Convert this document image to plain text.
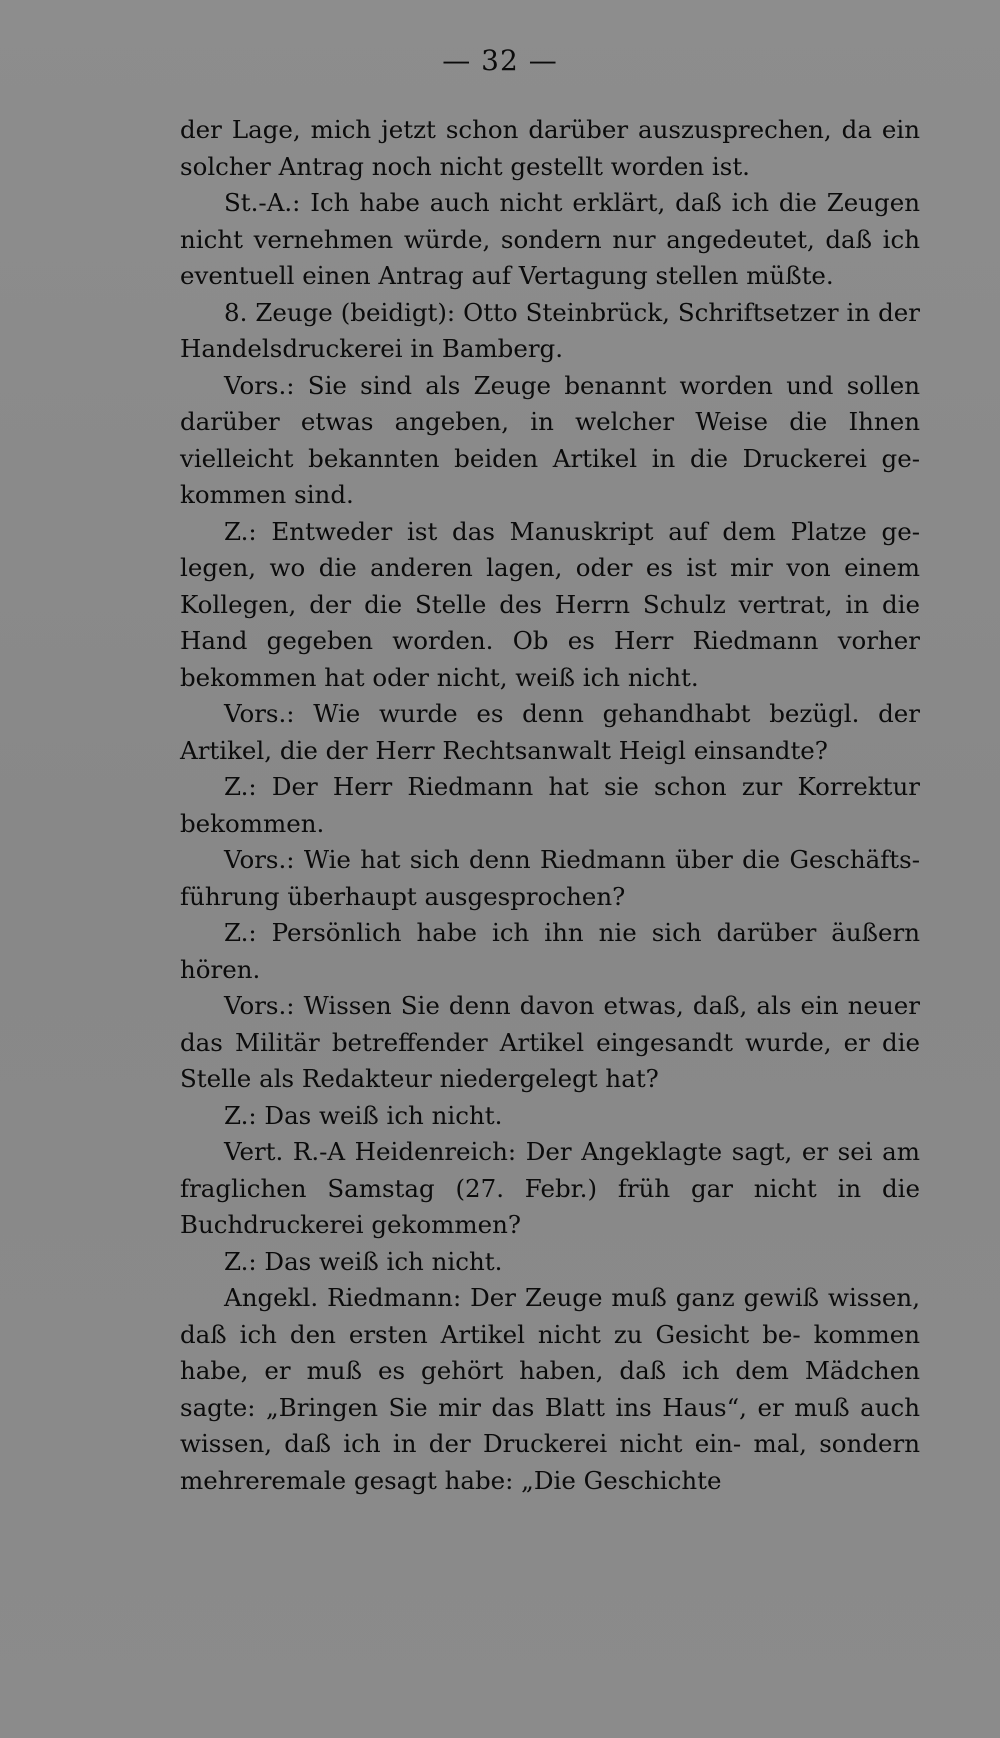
— 32 —

der Lage, mich jetzt schon darüber auszusprechen, da ein solcher Antrag noch nicht gestellt worden ist.

St.-A.: Ich habe auch nicht erklärt, daß ich die Zeugen nicht vernehmen würde, sondern nur angedeutet, daß ich eventuell einen Antrag auf Vertagung stellen müßte.

8. Zeuge (beidigt): Otto Steinbrück, Schriftsetzer in der Handelsdruckerei in Bamberg.

Vors.: Sie sind als Zeuge benannt worden und sollen darüber etwas angeben, in welcher Weise die Ihnen vielleicht bekannten beiden Artikel in die Druckerei ge- kommen sind.

Z.: Entweder ist das Manuskript auf dem Platze ge- legen, wo die anderen lagen, oder es ist mir von einem Kollegen, der die Stelle des Herrn Schulz vertrat, in die Hand gegeben worden. Ob es Herr Riedmann vorher bekommen hat oder nicht, weiß ich nicht.

Vors.: Wie wurde es denn gehandhabt bezügl. der Artikel, die der Herr Rechtsanwalt Heigl einsandte?

Z.: Der Herr Riedmann hat sie schon zur Korrektur bekommen.

Vors.: Wie hat sich denn Riedmann über die Geschäfts- führung überhaupt ausgesprochen?

Z.: Persönlich habe ich ihn nie sich darüber äußern hören.

Vors.: Wissen Sie denn davon etwas, daß, als ein neuer das Militär betreffender Artikel eingesandt wurde, er die Stelle als Redakteur niedergelegt hat?

Z.: Das weiß ich nicht.

Vert. R.-A Heidenreich: Der Angeklagte sagt, er sei am fraglichen Samstag (27. Febr.) früh gar nicht in die Buchdruckerei gekommen?

Z.: Das weiß ich nicht.

Angekl. Riedmann: Der Zeuge muß ganz gewiß wissen, daß ich den ersten Artikel nicht zu Gesicht be- kommen habe, er muß es gehört haben, daß ich dem Mädchen sagte: „Bringen Sie mir das Blatt ins Haus“, er muß auch wissen, daß ich in der Druckerei nicht ein- mal, sondern mehreremale gesagt habe: „Die Geschichte
